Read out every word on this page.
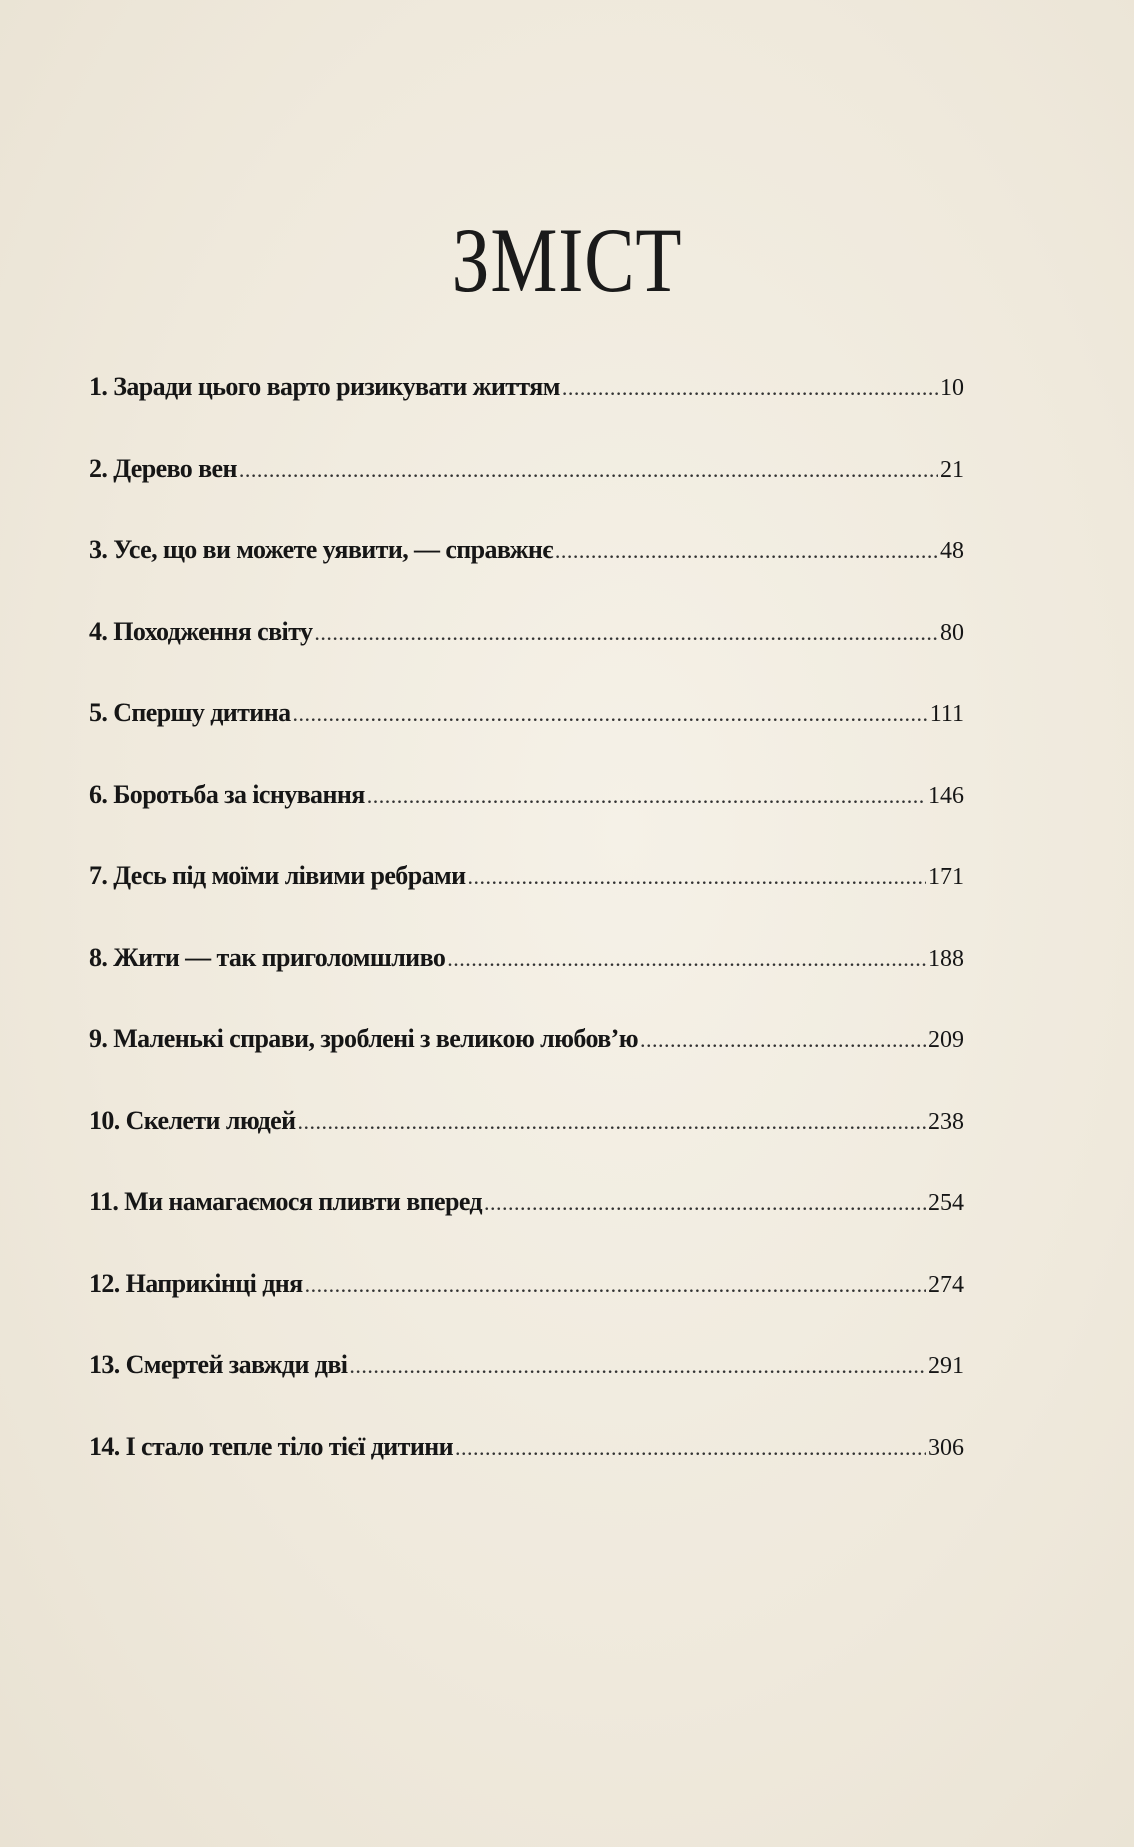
ЗМІСТ
1. Заради цього варто ризикувати життям .....	10
2. Дерево вен .....	21
3. Усе, що ви можете уявити, — справжнє .....	48
4. Походження світу .....	80
5. Спершу дитина .....	111
6. Боротьба за існування .....	146
7. Десь під моїми лівими ребрами .....	171
8. Жити — так приголомшливо .....	188
9. Маленькі справи, зроблені з великою любов’ю .....	209
10. Скелети людей .....	238
11. Ми намагаємося пливти вперед .....	254
12. Наприкінці дня .....	274
13. Смертей завжди дві .....	291
14. І стало тепле тіло тієї дитини .....	306
